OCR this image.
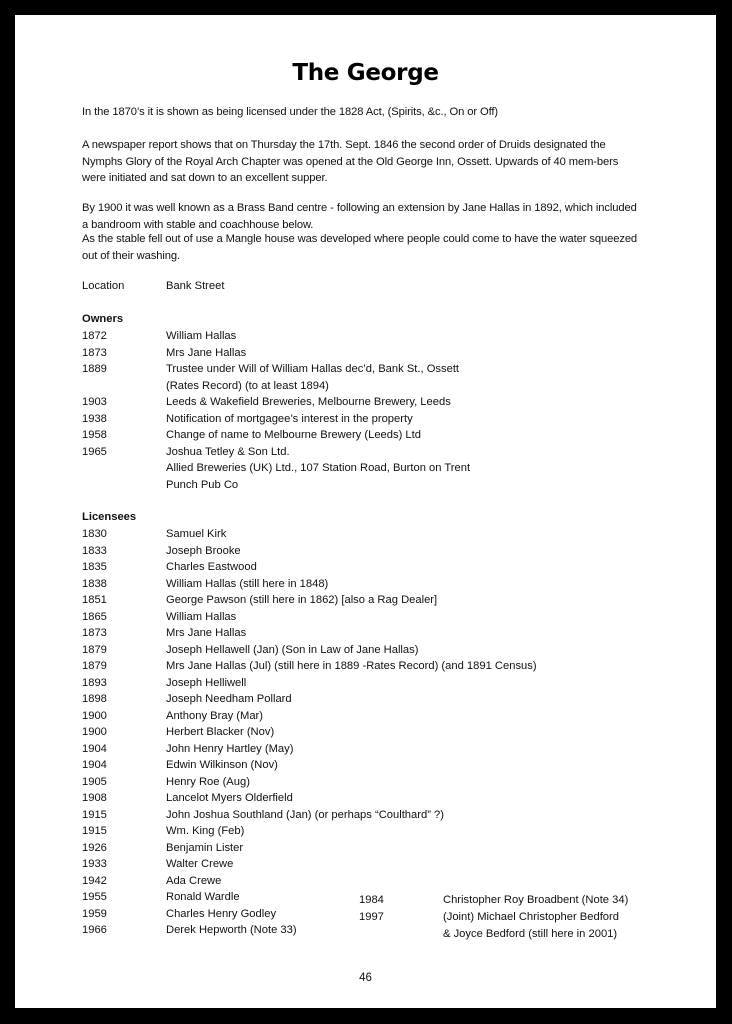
The George

In the 1870’s it is shown as being licensed under the 1828 Act, (Spirits, &c., On or Off)

A newspaper report shows that on Thursday the 17th. Sept. 1846 the second order of Druids designated the Nymphs Glory of the Royal Arch Chapter was opened at the Old George Inn, Ossett. Upwards of 40 mem-bers were initiated and sat down to an excellent supper.

By 1900 it was well known as a Brass Band centre - following an extension by Jane Hallas in 1892, which included a bandroom with stable and coachhouse below.

As the stable fell out of use a Mangle house was developed where people could come to have the water squeezed out of their washing.

Location	Bank Street
Owners
1872	William Hallas
1873	Mrs Jane Hallas
1889	Trustee under Will of William Hallas dec’d, Bank St., Ossett
(Rates Record) (to at least 1894)
1903	Leeds & Wakefield Breweries, Melbourne Brewery, Leeds
1938	Notification of mortgagee’s interest in the property
1958	Change of name to Melbourne Brewery (Leeds) Ltd
1965	Joshua Tetley & Son Ltd.
Allied Breweries (UK) Ltd., 107 Station Road, Burton on Trent
Punch Pub Co
Licensees
1830	Samuel Kirk
1833	Joseph Brooke
1835	Charles Eastwood
1838	William Hallas (still here in 1848)
1851	George Pawson (still here in 1862) [also a Rag Dealer]
1865	William Hallas
1873	Mrs Jane Hallas
1879	Joseph Hellawell (Jan) (Son in Law of Jane Hallas)
1879	Mrs Jane Hallas (Jul) (still here in 1889 -Rates Record) (and 1891 Census)
1893	Joseph Helliwell
1898	Joseph Needham Pollard
1900	Anthony Bray (Mar)
1900	Herbert Blacker (Nov)
1904	John Henry Hartley (May)
1904	Edwin Wilkinson (Nov)
1905	Henry Roe (Aug)
1908	Lancelot Myers Olderfield
1915	John Joshua Southland (Jan) (or perhaps “Coulthard” ?)
1915	Wm. King (Feb)
1926	Benjamin Lister
1933	Walter Crewe
1942	Ada Crewe
1955	Ronald Wardle
1959	Charles Henry Godley
1966	Derek Hepworth (Note 33)
1984	Christopher Roy Broadbent (Note 34)
1997	(Joint) Michael Christopher Bedford
& Joyce Bedford (still here in 2001)
46
